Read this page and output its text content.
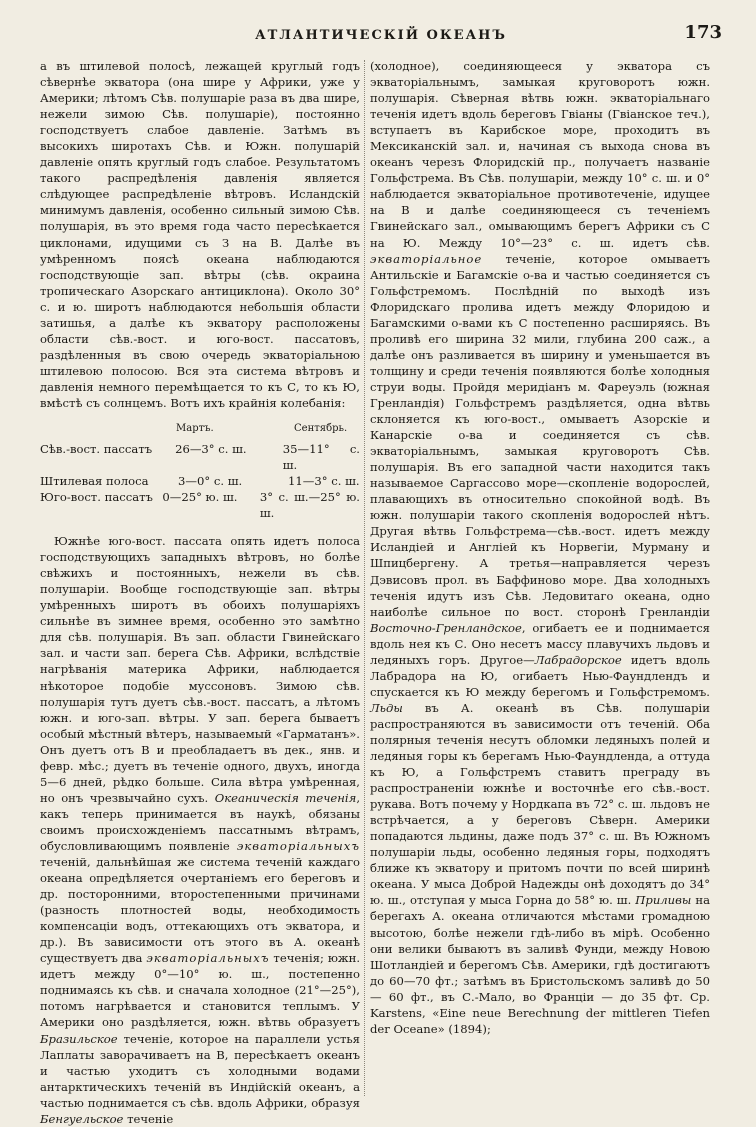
АТЛАНТИЧЕСКІЙ ОКЕАНЪ	173

а въ штилевой полосѣ, лежащей круглый годъ сѣвернѣе экватора (она шире у Африки, уже у Америки; лѣтомъ Сѣв. полушаріе раза въ два шире, нежели зимою Сѣв. полушаріе), постоянно господствуетъ слабое давленіе. Затѣмъ въ высокихъ широтахъ Сѣв. и Южн. полушарій давленіе опять круглый годъ слабое. Результатомъ такого распредѣленія давленія является слѣдующее распредѣленіе вѣтровъ. Исландскій минимумъ давленія, особенно сильный зимою Сѣв. полушарія, въ это время года часто пересѣкается циклонами, идущими съ З на В. Далѣе въ умѣренномъ поясѣ океана наблюдаются господствующіе зап. вѣтры (сѣв. окраина тропическаго Азорскаго антициклона). Около 30° с. и ю. широтъ наблюдаются небольшія области затишья, а далѣе къ экватору расположены области сѣв.-вост. и юго-вост. пассатовъ, раздѣленныя въ свою очередь экваторіальною штилевою полосою. Вся эта система вѣтровъ и давленія немного перемѣщается то къ С, то къ Ю, вмѣстѣ съ солнцемъ. Вотъ ихъ крайнія колебанія:

Мартъ.	Сентябрь.
Сѣв.-вост. пассатъ	26—3° с. ш.	35—11° с. ш.
Штилевая полоса	3—0° с. ш.	11—3° с. ш.
Юго-вост. пассатъ 0—25° ю. ш.	3° с. ш.—25° ю. ш.

Южнѣе юго-вост. пассата опять идетъ полоса господствующихъ западныхъ вѣтровъ, но болѣе свѣжихъ и постоянныхъ, нежели въ сѣв. полушаріи. Вообще господствующіе зап. вѣтры умѣренныхъ широтъ въ обоихъ полушаріяхъ сильнѣе въ зимнее время, особенно это замѣтно для сѣв. полушарія. Въ зап. области Гвинейскаго зал. и части зап. берега Сѣв. Африки, вслѣдствіе нагрѣванія материка Африки, наблюдается нѣкоторое подобіе муссоновъ. Зимою сѣв. полушарія тутъ дуетъ сѣв.-вост. пассатъ, а лѣтомъ южн. и юго-зап. вѣтры. У зап. берега бываетъ особый мѣстный вѣтеръ, называемый «Гарматанъ». Онъ дуетъ отъ В и преобладаетъ въ дек., янв. и февр. мѣс.; дуетъ въ теченіе одного, двухъ, иногда 5—6 дней, рѣдко больше. Сила вѣтра умѣренная, но онъ чрезвычайно сухъ. Океаническія теченія, какъ теперь принимается въ наукѣ, обязаны своимъ происхожденіемъ пассатнымъ вѣтрамъ, обусловливающимъ появленіе экваторіальныхъ теченій, дальнѣйшая же система теченій каждаго океана опредѣляется очертаніемъ его береговъ и др. посторонними, второстепенными причинами (разность плотностей воды, необходимость компенсаціи водъ, оттекающихъ отъ экватора, и др.). Въ зависимости отъ этого въ А. океанѣ существуетъ два экваторіальныхъ теченія; южн. идетъ между 0°—10° ю. ш., постепенно поднимаясь къ сѣв. и сначала холодное (21°—25°), потомъ нагрѣвается и становится теплымъ. У Америки оно раздѣляется, южн. вѣтвь образуетъ Бразильское теченіе, которое на параллели устья Лаплаты заворачиваетъ на В, пересѣкаетъ океанъ и частью уходитъ съ холодными водами антарктическихъ теченій въ Индійскій океанъ, а частью поднимается съ сѣв. вдоль Африки, образуя Бенгуельское теченіе

(холодное), соединяющееся у экватора съ экваторіальнымъ, замыкая круговоротъ южн. полушарія. Сѣверная вѣтвь южн. экваторіальнаго теченія идетъ вдоль береговъ Гвіаны (Гвіанское теч.), вступаетъ въ Карибское море, проходитъ въ Мексиканскій зал. и, начиная съ выхода снова въ океанъ черезъ Флоридскій пр., получаетъ названіе Гольфстрема. Въ Сѣв. полушаріи, между 10° с. ш. и 0° наблюдается экваторіальное противотеченіе, идущее на В и далѣе соединяющееся съ теченіемъ Гвинейскаго зал., омывающимъ берегъ Африки съ С на Ю. Между 10°—23° с. ш. идетъ сѣв. экваторіальное теченіе, которое омываетъ Антильскіе и Багамскіе о-ва и частью соединяется съ Гольфстремомъ. Послѣдній по выходѣ изъ Флоридскаго пролива идетъ между Флоридою и Багамскими о-вами къ С постепенно расширяясь. Въ проливѣ его ширина 32 мили, глубина 200 саж., а далѣе онъ разливается въ ширину и уменьшается въ толщину и среди теченія появляются болѣе холодныя струи воды. Пройдя меридіанъ м. Фареуэль (южная Гренландія) Гольфстремъ раздѣляется, одна вѣтвь склоняется къ юго-вост., омываетъ Азорскіе и Канарскіе о-ва и соединяется съ сѣв. экваторіальнымъ, замыкая круговоротъ Сѣв. полушарія. Въ его западной части находится такъ называемое Саргассово море—скопленіе водорослей, плавающихъ въ относительно спокойной водѣ. Въ южн. полушаріи такого скопленія водорослей нѣтъ. Другая вѣтвь Гольфстрема—сѣв.-вост. идетъ между Исландіей и Англіей къ Норвегіи, Мурману и Шпицбергену. А третья—направляется черезъ Дэвисовъ прол. въ Баффиново море. Два холодныхъ теченія идутъ изъ Сѣв. Ледовитаго океана, одно наиболѣе сильное по вост. сторонѣ Гренландіи Восточно-Гренландское, огибаетъ ее и поднимается вдоль нея къ С. Оно несетъ массу плавучихъ льдовъ и ледяныхъ горъ. Другое—Лабрадорское идетъ вдоль Лабрадора на Ю, огибаетъ Нью-Фаундлендъ и спускается къ Ю между берегомъ и Гольфстремомъ. Льды въ А. океанѣ въ Сѣв. полушаріи распространяются въ зависимости отъ теченій. Оба полярныя теченія несутъ обломки ледяныхъ полей и ледяныя горы къ берегамъ Нью-Фаундленда, а оттуда къ Ю, а Гольфстремъ ставитъ преграду въ распространеніи южнѣе и восточнѣе его сѣв.-вост. рукава. Вотъ почему у Нордкапа въ 72° с. ш. льдовъ не встрѣчается, а у береговъ Сѣверн. Америки попадаются льдины, даже подъ 37° с. ш. Въ Южномъ полушаріи льды, особенно ледяныя горы, подходятъ ближе къ экватору и притомъ почти по всей ширинѣ океана. У мыса Доброй Надежды онѣ доходятъ до 34° ю. ш., отступая у мыса Горна до 58° ю. ш. Приливы на берегахъ А. океана отличаются мѣстами громадною высотою, болѣе нежели гдѣ-либо въ мірѣ. Особенно они велики бываютъ въ заливѣ Фунди, между Новою Шотландіей и берегомъ Сѣв. Америки, гдѣ достигаютъ до 60—70 фт.; затѣмъ въ Бристольскомъ заливѣ до 50 — 60 фт., въ С.-Мало, во Франціи — до 35 фт. Ср. Karstens, «Eine neue Berechnung der mittleren Tiefen der Oceane» (1894);
